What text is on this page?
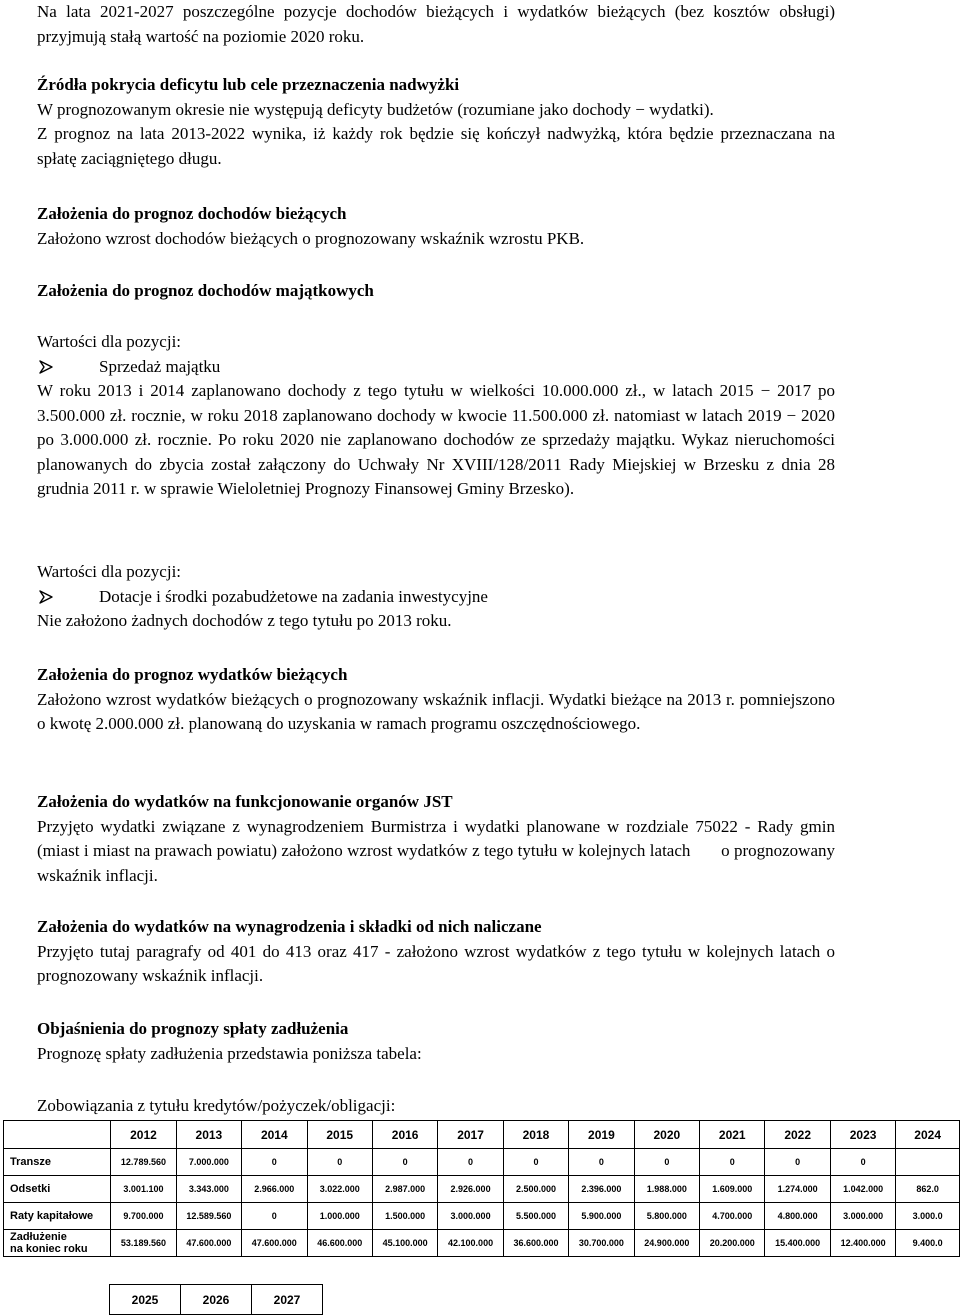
Na lata 2021-2027 poszczególne pozycje dochodów bieżących i wydatków bieżących (bez kosztów obsługi) przyjmują stałą wartość na poziomie 2020 roku.

Źródła pokrycia deficytu lub cele przeznaczenia nadwyżki

W prognozowanym okresie nie występują deficyty budżetów (rozumiane jako dochody − wydatki).

Z prognoz na lata 2013-2022 wynika, iż każdy rok będzie się kończył nadwyżką, która będzie przeznaczana na spłatę zaciągniętego długu.

Założenia do prognoz dochodów bieżących

Założono wzrost dochodów bieżących o prognozowany wskaźnik wzrostu PKB.

Założenia do prognoz dochodów majątkowych

Wartości dla pozycji:

Sprzedaż majątku

W roku 2013 i 2014 zaplanowano dochody z tego tytułu w wielkości 10.000.000 zł., w latach 2015 − 2017 po 3.500.000 zł. rocznie, w roku 2018 zaplanowano dochody w kwocie 11.500.000 zł. natomiast w latach 2019 − 2020 po 3.000.000 zł. rocznie. Po roku 2020 nie zaplanowano dochodów ze sprzedaży majątku. Wykaz nieruchomości planowanych do zbycia został załączony do Uchwały Nr XVIII/128/2011 Rady Miejskiej w Brzesku z dnia 28 grudnia 2011 r. w sprawie Wieloletniej Prognozy Finansowej Gminy Brzesko).

Wartości dla pozycji:

Dotacje i środki pozabudżetowe na zadania inwestycyjne

Nie założono żadnych dochodów z tego tytułu po 2013 roku.

Założenia do prognoz wydatków bieżących

Założono wzrost wydatków bieżących o prognozowany wskaźnik inflacji. Wydatki bieżące na 2013 r. pomniejszono o kwotę 2.000.000 zł. planowaną do uzyskania w ramach programu oszczędnościowego.

Założenia do wydatków na funkcjonowanie organów JST

Przyjęto wydatki związane z wynagrodzeniem Burmistrza i wydatki planowane w rozdziale 75022 - Rady gmin (miast i miast na prawach powiatu) założono wzrost wydatków z tego tytułu w kolejnych latach       o prognozowany wskaźnik inflacji.

Założenia do wydatków na wynagrodzenia i składki od nich naliczane

Przyjęto tutaj paragrafy od 401 do 413 oraz 417 - założono wzrost wydatków z tego tytułu w kolejnych latach o prognozowany wskaźnik inflacji.

Objaśnienia do prognozy spłaty zadłużenia

Prognozę spłaty zadłużenia przedstawia poniższa tabela:

Zobowiązania z tytułu kredytów/pożyczek/obligacji:

	2012	2013	2014	2015	2016	2017	2018	2019	2020	2021	2022	2023	2024
Transze	12.789.560	7.000.000	0	0	0	0	0	0	0	0	0	0	
Odsetki	3.001.100	3.343.000	2.966.000	3.022.000	2.987.000	2.926.000	2.500.000	2.396.000	1.988.000	1.609.000	1.274.000	1.042.000	862.0
Raty kapitałowe	9.700.000	12.589.560	0	1.000.000	1.500.000	3.000.000	5.500.000	5.900.000	5.800.000	4.700.000	4.800.000	3.000.000	3.000.0

Zadłużenie
na koniec roku	53.189.560	47.600.000	47.600.000	46.600.000	45.100.000	42.100.000	36.600.000	30.700.000	24.900.000	20.200.000	15.400.000	12.400.000	9.400.0
2025	2026	2027
